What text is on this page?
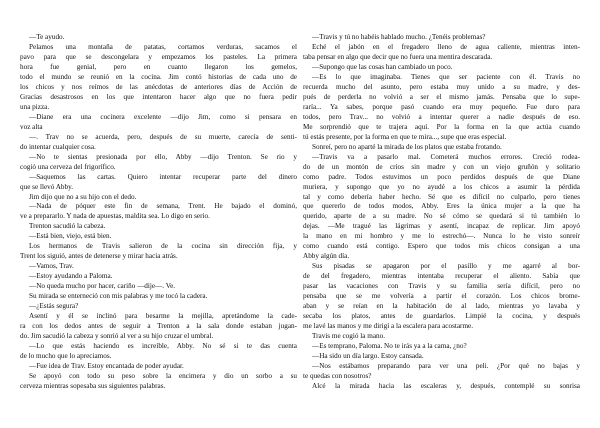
—Te ayudo.
Pelamos una montaña de patatas, cortamos verduras, sacamos el
pavo para que se descongelara y empezamos los pasteles. La primera
hora fue genial, pero en cuanto llegaron los gemelos,
todo el mundo se reunió en la cocina. Jim contó historias de cada uno de
los chicos y nos reímos de las anécdotas de anteriores días de Acción de
Gracias desastrosos en los que intentaron hacer algo que no fuera pedir
una pizza.
—Diane era una cocinera excelente —dijo Jim, como si pensara en
voz alta
—. Trav no se acuerda, pero, después de su muerte, carecía de senti-
do intentar cualquier cosa.
—No te sientas presionada por ello, Abby —dijo Trenton. Se rio y
cogió una cerveza del frigorífico.
—Saquemos las cartas. Quiero intentar recuperar parte del dinero
que se llevó Abby.
Jim dijo que no a su hijo con el dedo.
—Nada de póquer este fin de semana, Trent. He bajado el dominó,
ve a prepararlo. Y nada de apuestas, maldita sea. Lo digo en serio.
Trenton sacudió la cabeza.
—Está bien, viejo, está bien.
Los hermanos de Travis salieron de la cocina sin dirección fija, y
Trent los siguió, antes de detenerse y mirar hacia atrás.
—Vamos, Trav.
—Estoy ayudando a Paloma.
—No queda mucho por hacer, cariño —dije—. Ve.
Su mirada se enterneció con mis palabras y me tocó la cadera.
—¿Estás segura?
Asentí y él se inclinó para besarme la mejilla, apretándome la cade-
ra con los dedos antes de seguir a Trenton a la sala donde estaban jugan-
do. Jim sacudió la cabeza y sonrió al ver a su hijo cruzar el umbral.
—Lo que estás haciendo es increíble, Abby. No sé si te das cuenta
de lo mucho que lo apreciamos.
—Fue idea de Trav. Estoy encantada de poder ayudar.
Se apoyó con todo su peso sobre la encimera y dio un sorbo a su
cerveza mientras sopesaba sus siguientes palabras.
—Travis y tú no habéis hablado mucho. ¿Tenéis problemas?
Eché el jabón en el fregadero lleno de agua caliente, mientras inten-
taba pensar en algo que decir que no fuera una mentira descarada.
—Supongo que las cosas han cambiado un poco.
—Es lo que imaginaba. Tienes que ser paciente con él. Travis no
recuerda mucho del asunto, pero estaba muy unido a su madre, y des-
pués de perderla no volvió a ser el mismo jamás. Pensaba que lo supe-
raría... Ya sabes, porque pasó cuando era muy pequeño. Fue duro para
todos, pero Trav... no volvió a intentar querer a nadie después de eso.
Me sorprendió que te trajera aquí. Por la forma en la que actúa cuando
tú estás presente, por la forma en que te mira..., supe que eras especial.
Sonreí, pero no aparté la mirada de los platos que estaba frotando.
—Travis va a pasarlo mal. Cometerá muchos errores. Creció rodea-
do de un montón de críos sin madre y con un viejo gruñón y solitario
como padre. Todos estuvimos un poco perdidos después de que Diane
muriera, y supongo que yo no ayudé a los chicos a asumir la pérdida
tal y como debería haber hecho. Sé que es difícil no culparlo, pero tienes
que quererlo de todos modos, Abby. Eres la única mujer a la que ha
querido, aparte de a su madre. No sé cómo se quedará si tú también lo
dejas. —Me tragué las lágrimas y asentí, incapaz de replicar. Jim apoyó
la mano en mi hombro y me lo estrechó—. Nunca lo he visto sonreír
como cuando está contigo. Espero que todos mis chicos consigan a una
Abby algún día.
Sus pisadas se apagaron por el pasillo y me agarré al bor-
de del fregadero, mientras intentaba recuperar el aliento. Sabía que
pasar las vacaciones con Travis y su familia sería difícil, pero no
pensaba que se me volvería a partir el corazón. Los chicos brome-
aban y se reían en la habitación de al lado, mientras yo lavaba y
secaba los platos, antes de guardarlos. Limpié la cocina, y después
me lavé las manos y me dirigí a la escalera para acostarme.
Travis me cogió la mano.
—Es temprano, Paloma. No te irás ya a la cama, ¿no?
—Ha sido un día largo. Estoy cansada.
—Nos estábamos preparando para ver una peli. ¿Por qué no bajas y
te quedas con nosotros?
Alcé la mirada hacia las escaleras y, después, contemplé su sonrisa
